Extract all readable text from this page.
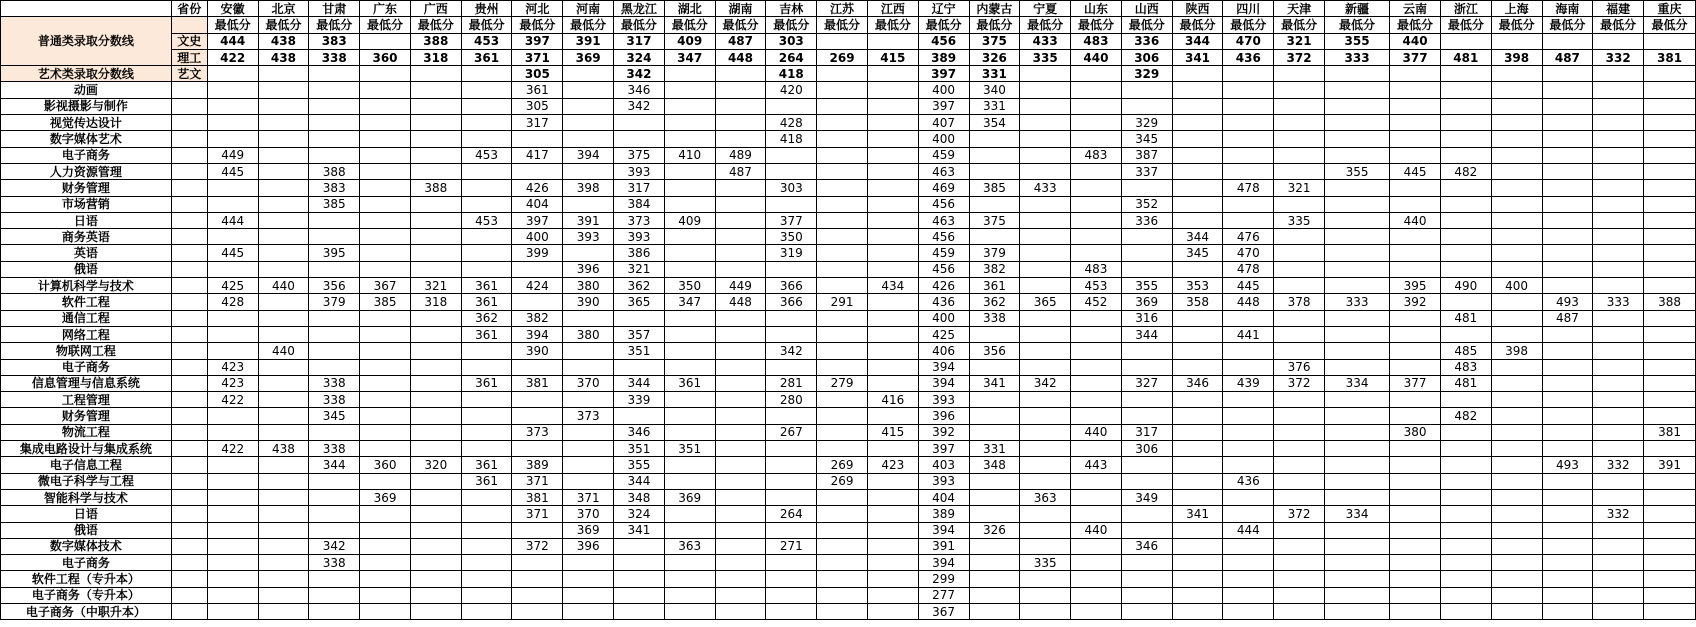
	省份	安徽	北京	甘肃	广东	广西	贵州	河北	河南	黑龙江	湖北	湖南	吉林	江苏	江西	辽宁	内蒙古	宁夏	山东	山西	陕西	四川	天津	新疆	云南	浙江	上海	海南	福建	重庆
普通类录取分数线		最低分	最低分	最低分	最低分	最低分	最低分	最低分	最低分	最低分	最低分	最低分	最低分	最低分	最低分	最低分	最低分	最低分	最低分	最低分	最低分	最低分	最低分	最低分	最低分	最低分	最低分	最低分	最低分	最低分
	文史	444	438	383		388	453	397	391	317	409	487	303			456	375	433	483	336	344	470	321	355	440					
	理工	422	438	338	360	318	361	371	369	324	347	448	264	269	415	389	326	335	440	306	341	436	372	333	377	481	398	487	332	381
艺术类录取分数线	艺文							305		342			418			397	331			329										
动画								361		346			420			400	340													
影视摄影与制作								305		342						397	331													
视觉传达设计								317					428			407	354			329										
数字媒体艺术													418			400				345										
电子商务		449					453	417	394	375	410	489				459			483	387										
人力资源管理		445		388						393		487				463				337				355	445	482				
财务管理				383		388		426	398	317			303			469	385	433				478	321							
市场营销				385				404		384						456				352										
日语		444					453	397	391	373	409		377			463	375			336			335		440					
商务英语								400	393	393			350			456					344	476								
英语		445		395				399		386			319			459	379				345	470								
俄语									396	321						456	382		483			478								
计算机科学与技术		425	440	356	367	321	361	424	380	362	350	449	366		434	426	361		453	355	353	445			395	490	400			
软件工程		428		379	385	318	361		390	365	347	448	366	291		436	362	365	452	369	358	448	378	333	392			493	333	388
通信工程							362	382								400	338			316						481		487		
网络工程							361	394	380	357						425				344		441								
物联网工程			440					390		351			342			406	356									485	398			
电子商务		423														394							376			483				
信息管理与信息系统		423		338			361	381	370	344	361		281	279		394	341	342		327	346	439	372	334	377	481				
工程管理		422		338						339			280		416	393														
财务管理				345					373							396										482				
物流工程								373		346			267		415	392			440	317					380					381
集成电路设计与集成系统		422	438	338						351	351					397	331			306										
电子信息工程				344	360	320	361	389		355				269	423	403	348		443									493	332	391
微电子科学与工程							361	371		344				269		393						436								
智能科学与技术					369			381	371	348	369					404		363		349										
日语								371	370	324			264			389					341		372	334					332	
俄语									369	341						394	326		440			444								
数字媒体技术				342				372	396		363		271			391				346										
电子商务				338												394		335												
软件工程（专升本）																299														
电子商务（专升本）																277														
电子商务（中职升本）																367														
